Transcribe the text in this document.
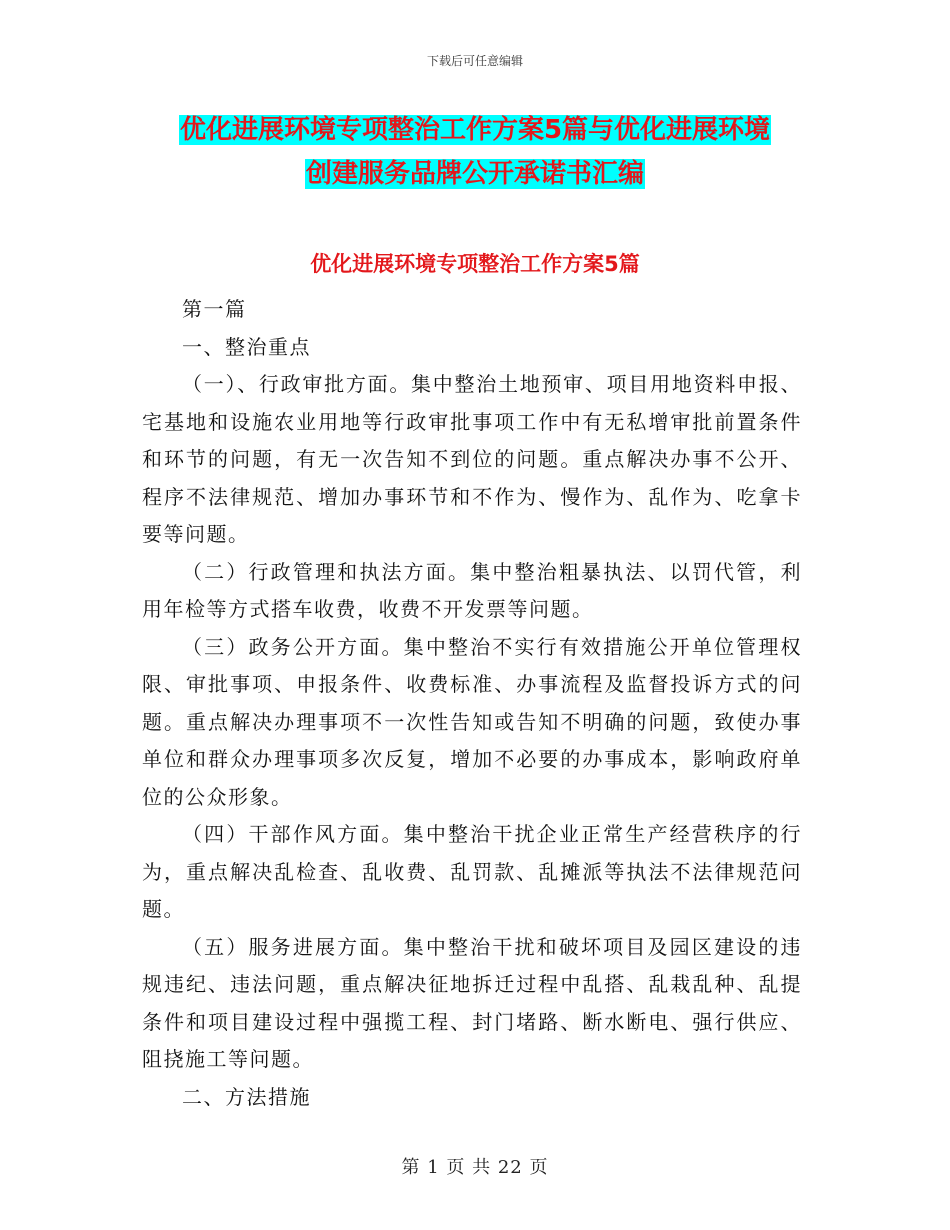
下载后可任意编辑
优化进展环境专项整治工作方案5篇与优化进展环境
创建服务品牌公开承诺书汇编
优化进展环境专项整治工作方案5篇

第一篇

一、整治重点

（一）、行政审批方面。集中整治土地预审、项目用地资料申报、宅基地和设施农业用地等行政审批事项工作中有无私增审批前置条件和环节的问题，有无一次告知不到位的问题。重点解决办事不公开、程序不法律规范、增加办事环节和不作为、慢作为、乱作为、吃拿卡要等问题。

（二）行政管理和执法方面。集中整治粗暴执法、以罚代管，利用年检等方式搭车收费，收费不开发票等问题。

（三）政务公开方面。集中整治不实行有效措施公开单位管理权限、审批事项、申报条件、收费标准、办事流程及监督投诉方式的问题。重点解决办理事项不一次性告知或告知不明确的问题，致使办事单位和群众办理事项多次反复，增加不必要的办事成本，影响政府单位的公众形象。

（四）干部作风方面。集中整治干扰企业正常生产经营秩序的行为，重点解决乱检查、乱收费、乱罚款、乱摊派等执法不法律规范问题。

（五）服务进展方面。集中整治干扰和破坏项目及园区建设的违规违纪、违法问题，重点解决征地拆迁过程中乱搭、乱栽乱种、乱提条件和项目建设过程中强揽工程、封门堵路、断水断电、强行供应、阻挠施工等问题。

二、方法措施

第 1 页 共 22 页
